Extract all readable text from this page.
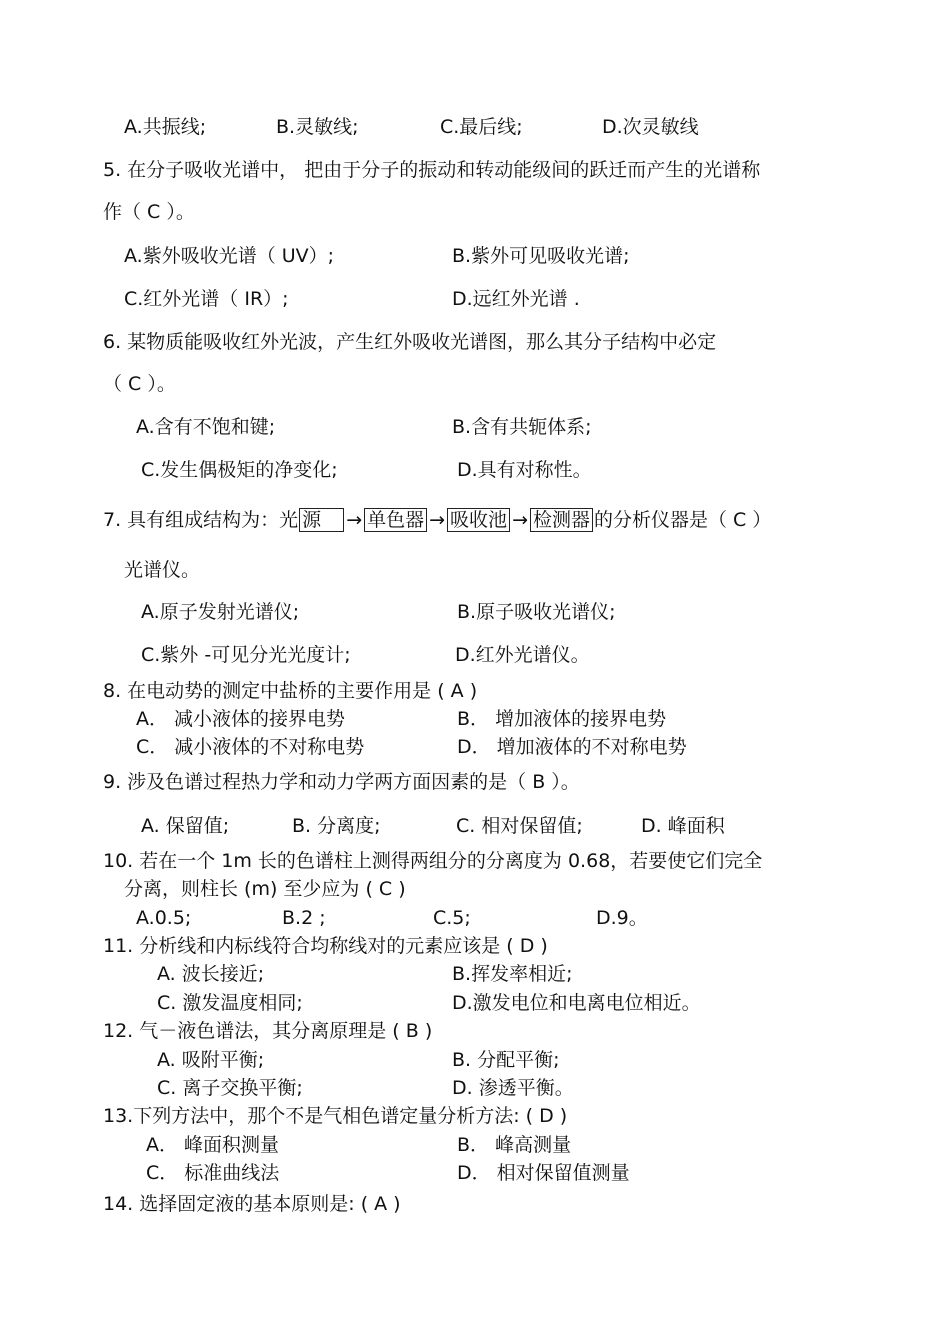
A.共振线;	B.灵敏线;	C.最后线;	D.次灵敏线
5. 在分子吸收光谱中， 把由于分子的振动和转动能级间的跃迁而产生的光谱称
作（ C ）。
A.紫外吸收光谱（ UV）;	B.紫外可见吸收光谱;
C.红外光谱（ IR）;	D.远红外光谱 .
6. 某物质能吸收红外光波，产生红外吸收光谱图，那么其分子结构中必定
（ C ）。
A.含有不饱和键;	B.含有共轭体系;
C.发生偶极矩的净变化;	D.具有对称性。
7. 具有组成结构为：光 源 → 单色器 → 吸收池 → 检测器 的分析仪器是（ C ）
光谱仪。
A.原子发射光谱仪;	B.原子吸收光谱仪;
C.紫外 -可见分光光度计;	D.红外光谱仪。
8. 在电动势的测定中盐桥的主要作用是 ( A )
A． 减小液体的接界电势	B． 增加液体的接界电势
C． 减小液体的不对称电势	D． 增加液体的不对称电势
9. 涉及色谱过程热力学和动力学两方面因素的是（ B ）。
A. 保留值;	B. 分离度;	C. 相对保留值;	D. 峰面积
10. 若在一个 1m 长的色谱柱上测得两组分的分离度为 0.68，若要使它们完全
分离，则柱长 (m) 至少应为 ( C )
A.0.5;	B.2 ;	C.5;	D.9。
11. 分析线和内标线符合均称线对的元素应该是 ( D )
A. 波长接近;	B.挥发率相近;
C. 激发温度相同;	D.激发电位和电离电位相近。
12. 气－液色谱法，其分离原理是 ( B )
A. 吸附平衡;	B. 分配平衡;
C. 离子交换平衡;	D. 渗透平衡。
13.下列方法中，那个不是气相色谱定量分析方法: ( D )
A． 峰面积测量	B． 峰高测量
C． 标准曲线法	D． 相对保留值测量
14. 选择固定液的基本原则是: ( A )
